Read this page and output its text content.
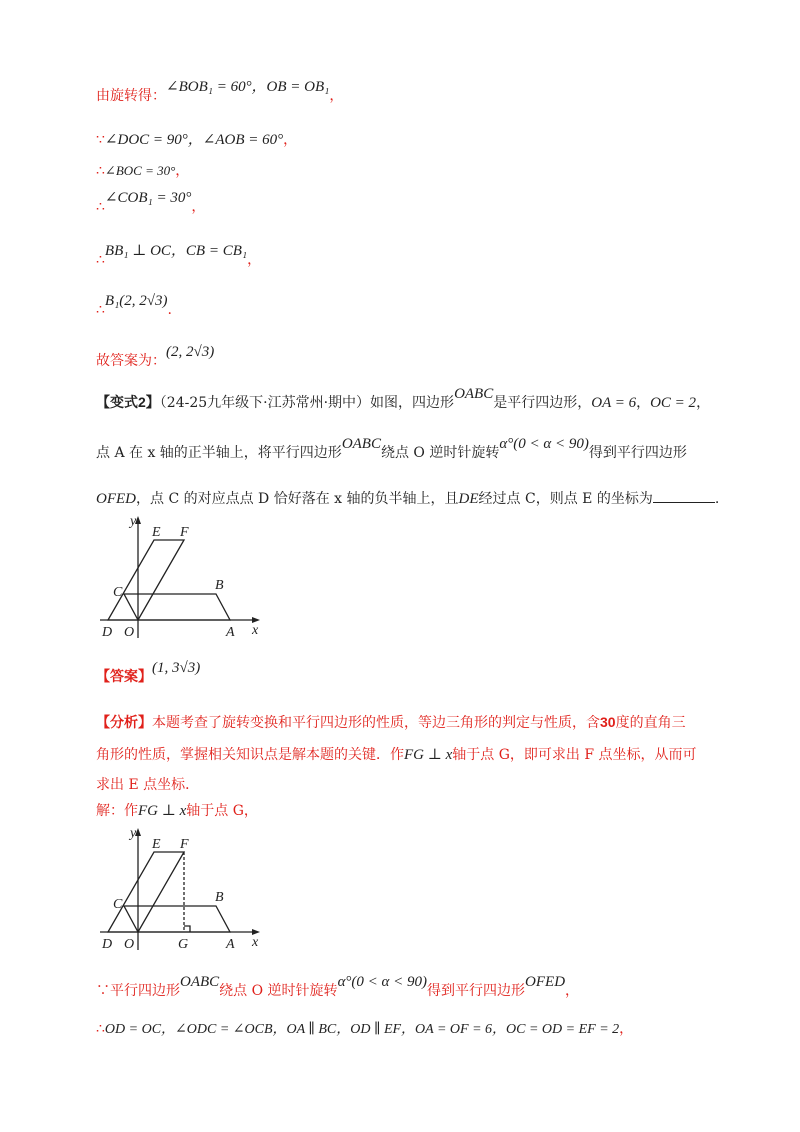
由旋转得：∠BOB₁ = 60°，OB = OB₁，
∵∠DOC = 90°，∠AOB = 60°，
∴∠BOC = 30°，
∴∠COB₁ = 30°，
∴BB₁ ⊥ OC，CB = CB₁，
∴B₁(2, 2√3).
故答案为：(2, 2√3)
【变式2】（24-25九年级下·江苏常州·期中）如图，四边形OABC是平行四边形，OA = 6，OC = 2，
点 A 在 x 轴的正半轴上，将平行四边形OABC绕点 O 逆时针旋转α°(0 < α < 90)得到平行四边形
OFED，点 C 的对应点点 D 恰好落在 x 轴的负半轴上，且DE经过点 C，则点 E 的坐标为	.
y
x
E F
C	B
D O	A
【答案】(1, 3√3)
【分析】本题考查了旋转变换和平行四边形的性质，等边三角形的判定与性质，含30度的直角三
角形的性质，掌握相关知识点是解本题的关键．作FG ⊥ x轴于点 G，即可求出 F 点坐标，从而可
求出 E 点坐标．
解：作FG ⊥ x轴于点 G，
y
x
E F
C	B
D O	G	A
∵平行四边形OABC绕点 O 逆时针旋转α°(0 < α < 90)得到平行四边形OFED，
∴OD = OC，∠ODC = ∠OCB，OA ∥ BC，OD ∥ EF，OA = OF = 6，OC = OD = EF = 2，
